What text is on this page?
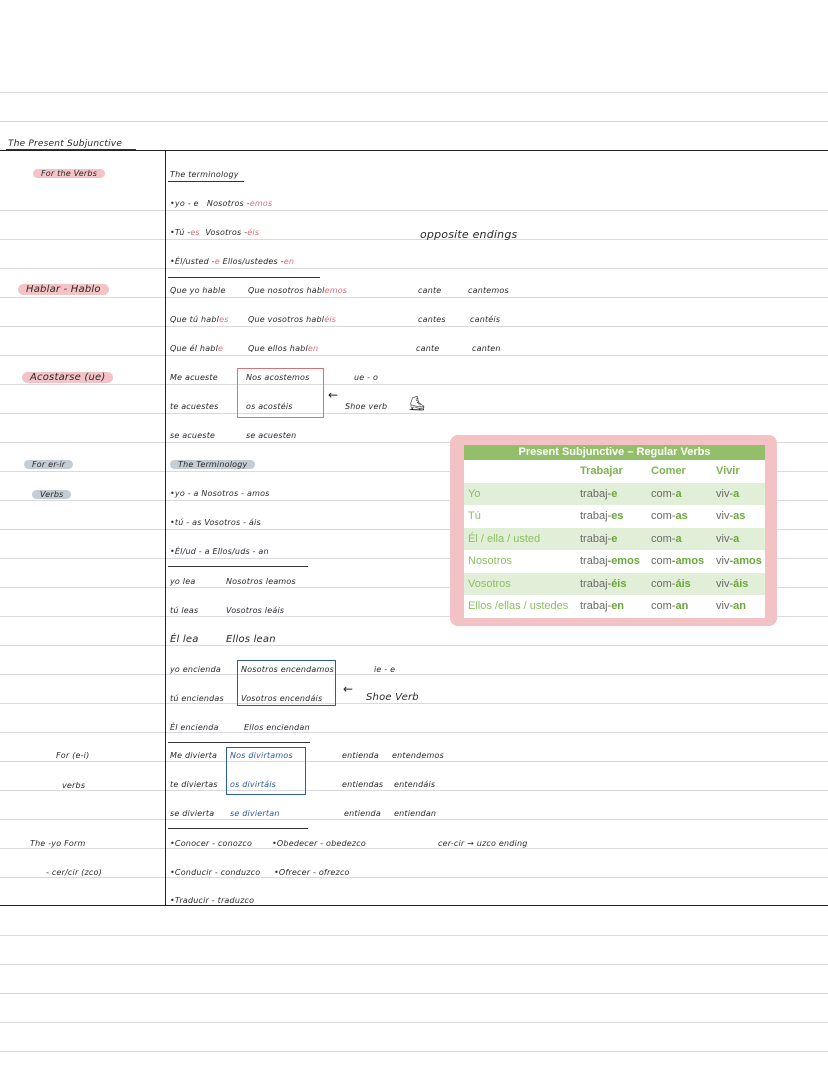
The Present Subjunctive
For the Verbs
Hablar - Hablo
Acostarse (ue)
For er-ir
Verbs
For (e-i)
verbs
The -yo Form
- cer/cir (zco)
The terminology
•yo - e Nosotros -emos
•Tú -es Vosotros -éis
•Él/usted -e Ellos/ustedes -en
opposite endings
Que yo hable	Que nosotros hablemos	cante	cantemos
Que tú hables Que vosotros habléis	cantes	cantéis
Que él hable	Que ellos hablen	cante	canten
Me acueste	Nos acostemos	ue - o
te acuestes	os acostéis	Shoe verb
se acueste	se acuesten
←
⛸
The Terminology
•yo - a Nosotros - amos
•tú - as Vosotros - áis
•Él/ud - a Ellos/uds - an
yo lea	Nosotros leamos
tú leas	Vosotros leáis
Él lea	Ellos lean
yo encienda	Nosotros encendamos	ie - e
tú enciendas Vosotros encendáis	Shoe Verb
Él encienda	Ellos enciendan
←
Me divierta Nos divirtamos	entienda entendemos
te diviertas os divirtáis	entiendas entendáis
se divierta se diviertan	entienda entiendan
•Conocer - conozco •Obedecer - obedezco
•Conducir - conduzco •Ofrecer - ofrezco
•Traducir - traduzco
cer-cir → uzco ending
Present Subjunctive – Regular Verbs
Trabajar	Comer	Vivir
Yo	trabaj-e	com-a	viv-a
Tú	trabaj-es	com-as	viv-as
Él / ella / usted	trabaj-e	com-a	viv-a
Nosotros	trabaj-emos com-amos viv-amos
Vosotros	trabaj-éis com-áis viv-áis
Ellos /ellas / ustedes trabaj-en com-an	viv-an
